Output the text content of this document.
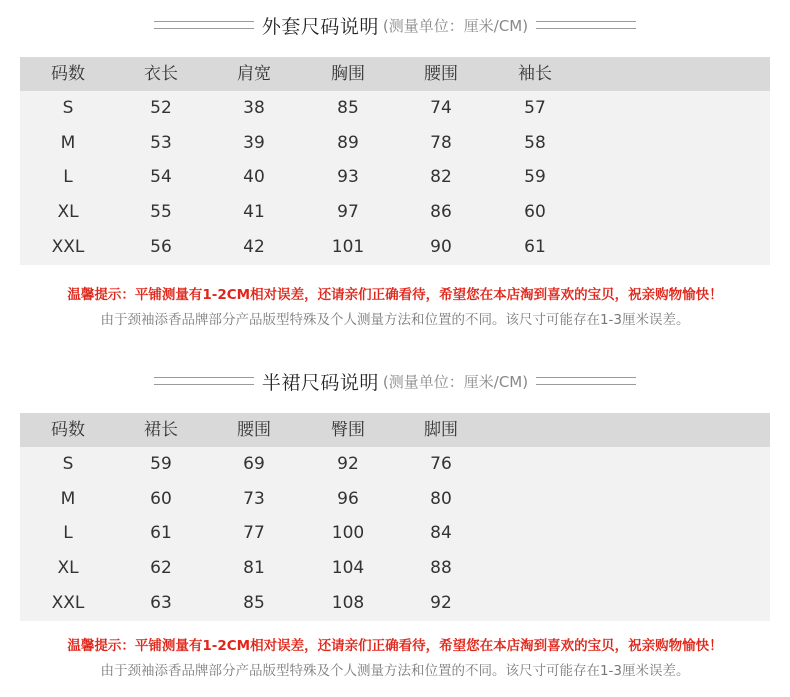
外套尺码说明 (测量单位：厘米/CM)
码数	衣长	肩宽	胸围	腰围	袖长
S	52	38	85	74	57
M	53	39	89	78	58
L	54	40	93	82	59
XL	55	41	97	86	60
XXL	56	42	101	90	61
温馨提示：平铺测量有1-2CM相对误差，还请亲们正确看待，希望您在本店淘到喜欢的宝贝，祝亲购物愉快！
由于颈袖添香品牌部分产品版型特殊及个人测量方法和位置的不同。该尺寸可能存在1-3厘米误差。
半裙尺码说明 (测量单位：厘米/CM)
码数	裙长	腰围	臀围	脚围
S	59	69	92	76
M	60	73	96	80
L	61	77	100	84
XL	62	81	104	88
XXL	63	85	108	92
温馨提示：平铺测量有1-2CM相对误差，还请亲们正确看待，希望您在本店淘到喜欢的宝贝，祝亲购物愉快！
由于颈袖添香品牌部分产品版型特殊及个人测量方法和位置的不同。该尺寸可能存在1-3厘米误差。
